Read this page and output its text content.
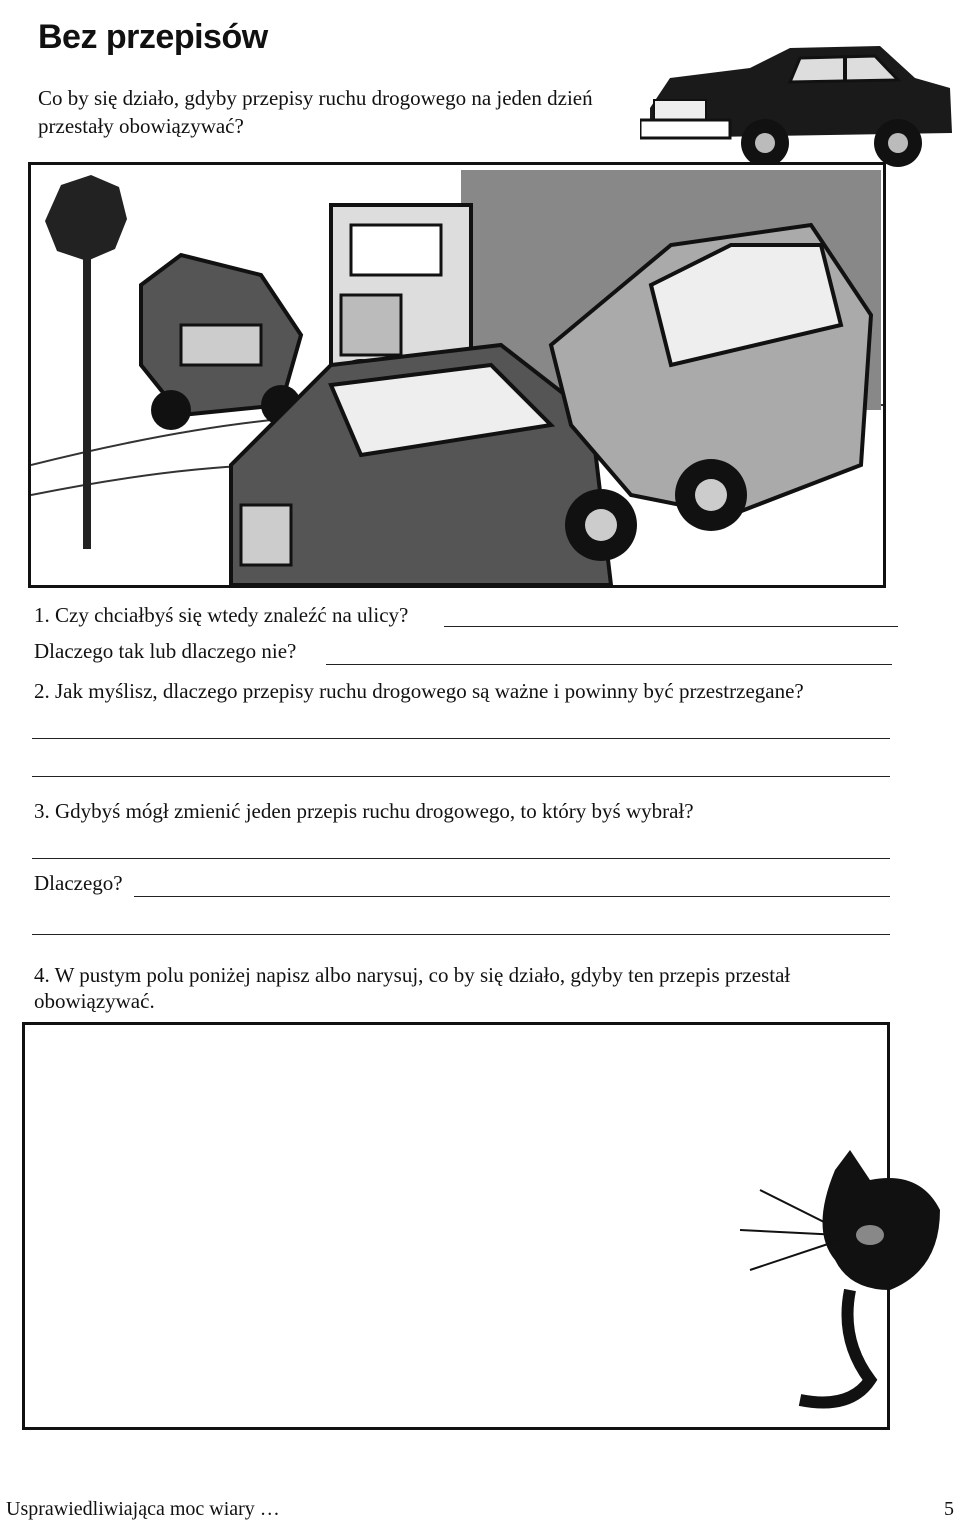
Bez przepisów
Co by się działo, gdyby przepisy ruchu drogowego na jeden dzień przestały obowiązywać?
1. Czy chciałbyś się wtedy znaleźć na ulicy?
Dlaczego tak lub dlaczego nie?
2. Jak myślisz, dlaczego przepisy ruchu drogowego są ważne i powinny być przestrzegane?
3. Gdybyś mógł zmienić jeden przepis ruchu drogowego, to który byś wybrał?
Dlaczego?
4. W pustym polu poniżej napisz albo narysuj, co by się działo, gdyby ten przepis przestał obowiązywać.
Usprawiedliwiająca moc wiary …	5
